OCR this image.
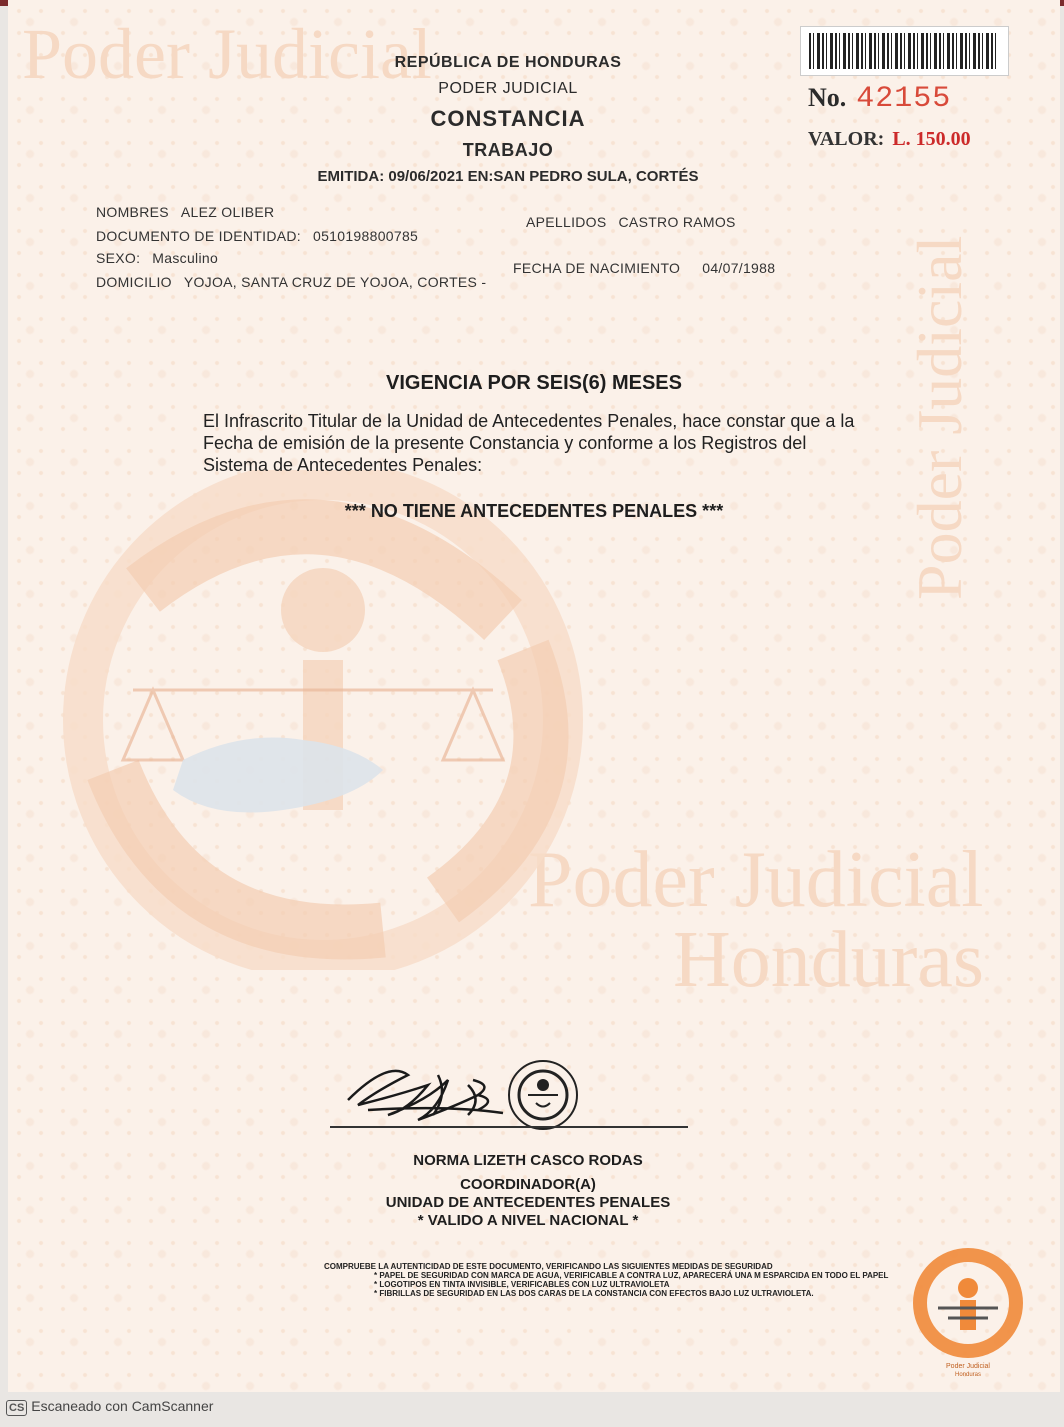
Poder Judicial
Poder Judicial
Poder Judicial
Honduras
REPÚBLICA DE HONDURAS
PODER JUDICIAL
CONSTANCIA
TRABAJO
EMITIDA: 09/06/2021 EN:SAN PEDRO SULA, CORTÉS
No. 42155
VALOR: L. 150.00
NOMBRES ALEZ OLIBER
APELLIDOS CASTRO RAMOS
DOCUMENTO DE IDENTIDAD: 0510198800785
SEXO: Masculino
FECHA DE NACIMIENTO 04/07/1988
DOMICILIO YOJOA, SANTA CRUZ DE YOJOA, CORTES -
VIGENCIA POR SEIS(6) MESES
El Infrascrito Titular de la Unidad de Antecedentes Penales, hace constar que a la Fecha de emisión de la presente Constancia y conforme a los Registros del Sistema de Antecedentes Penales:
*** NO TIENE ANTECEDENTES PENALES ***
NORMA LIZETH CASCO RODAS
COORDINADOR(A)
UNIDAD DE ANTECEDENTES PENALES
* VALIDO A NIVEL NACIONAL *
COMPRUEBE LA AUTENTICIDAD DE ESTE DOCUMENTO, VERIFICANDO LAS SIGUIENTES MEDIDAS DE SEGURIDAD
* PAPEL DE SEGURIDAD CON MARCA DE AGUA, VERIFICABLE A CONTRA LUZ, APARECERÁ UNA M ESPARCIDA EN TODO EL PAPEL
* LOGOTIPOS EN TINTA INVISIBLE, VERIFICABLES CON LUZ ULTRAVIOLETA
* FIBRILLAS DE SEGURIDAD EN LAS DOS CARAS DE LA CONSTANCIA CON EFECTOS BAJO LUZ ULTRAVIOLETA.
Poder Judicial
Honduras
CS Escaneado con CamScanner
